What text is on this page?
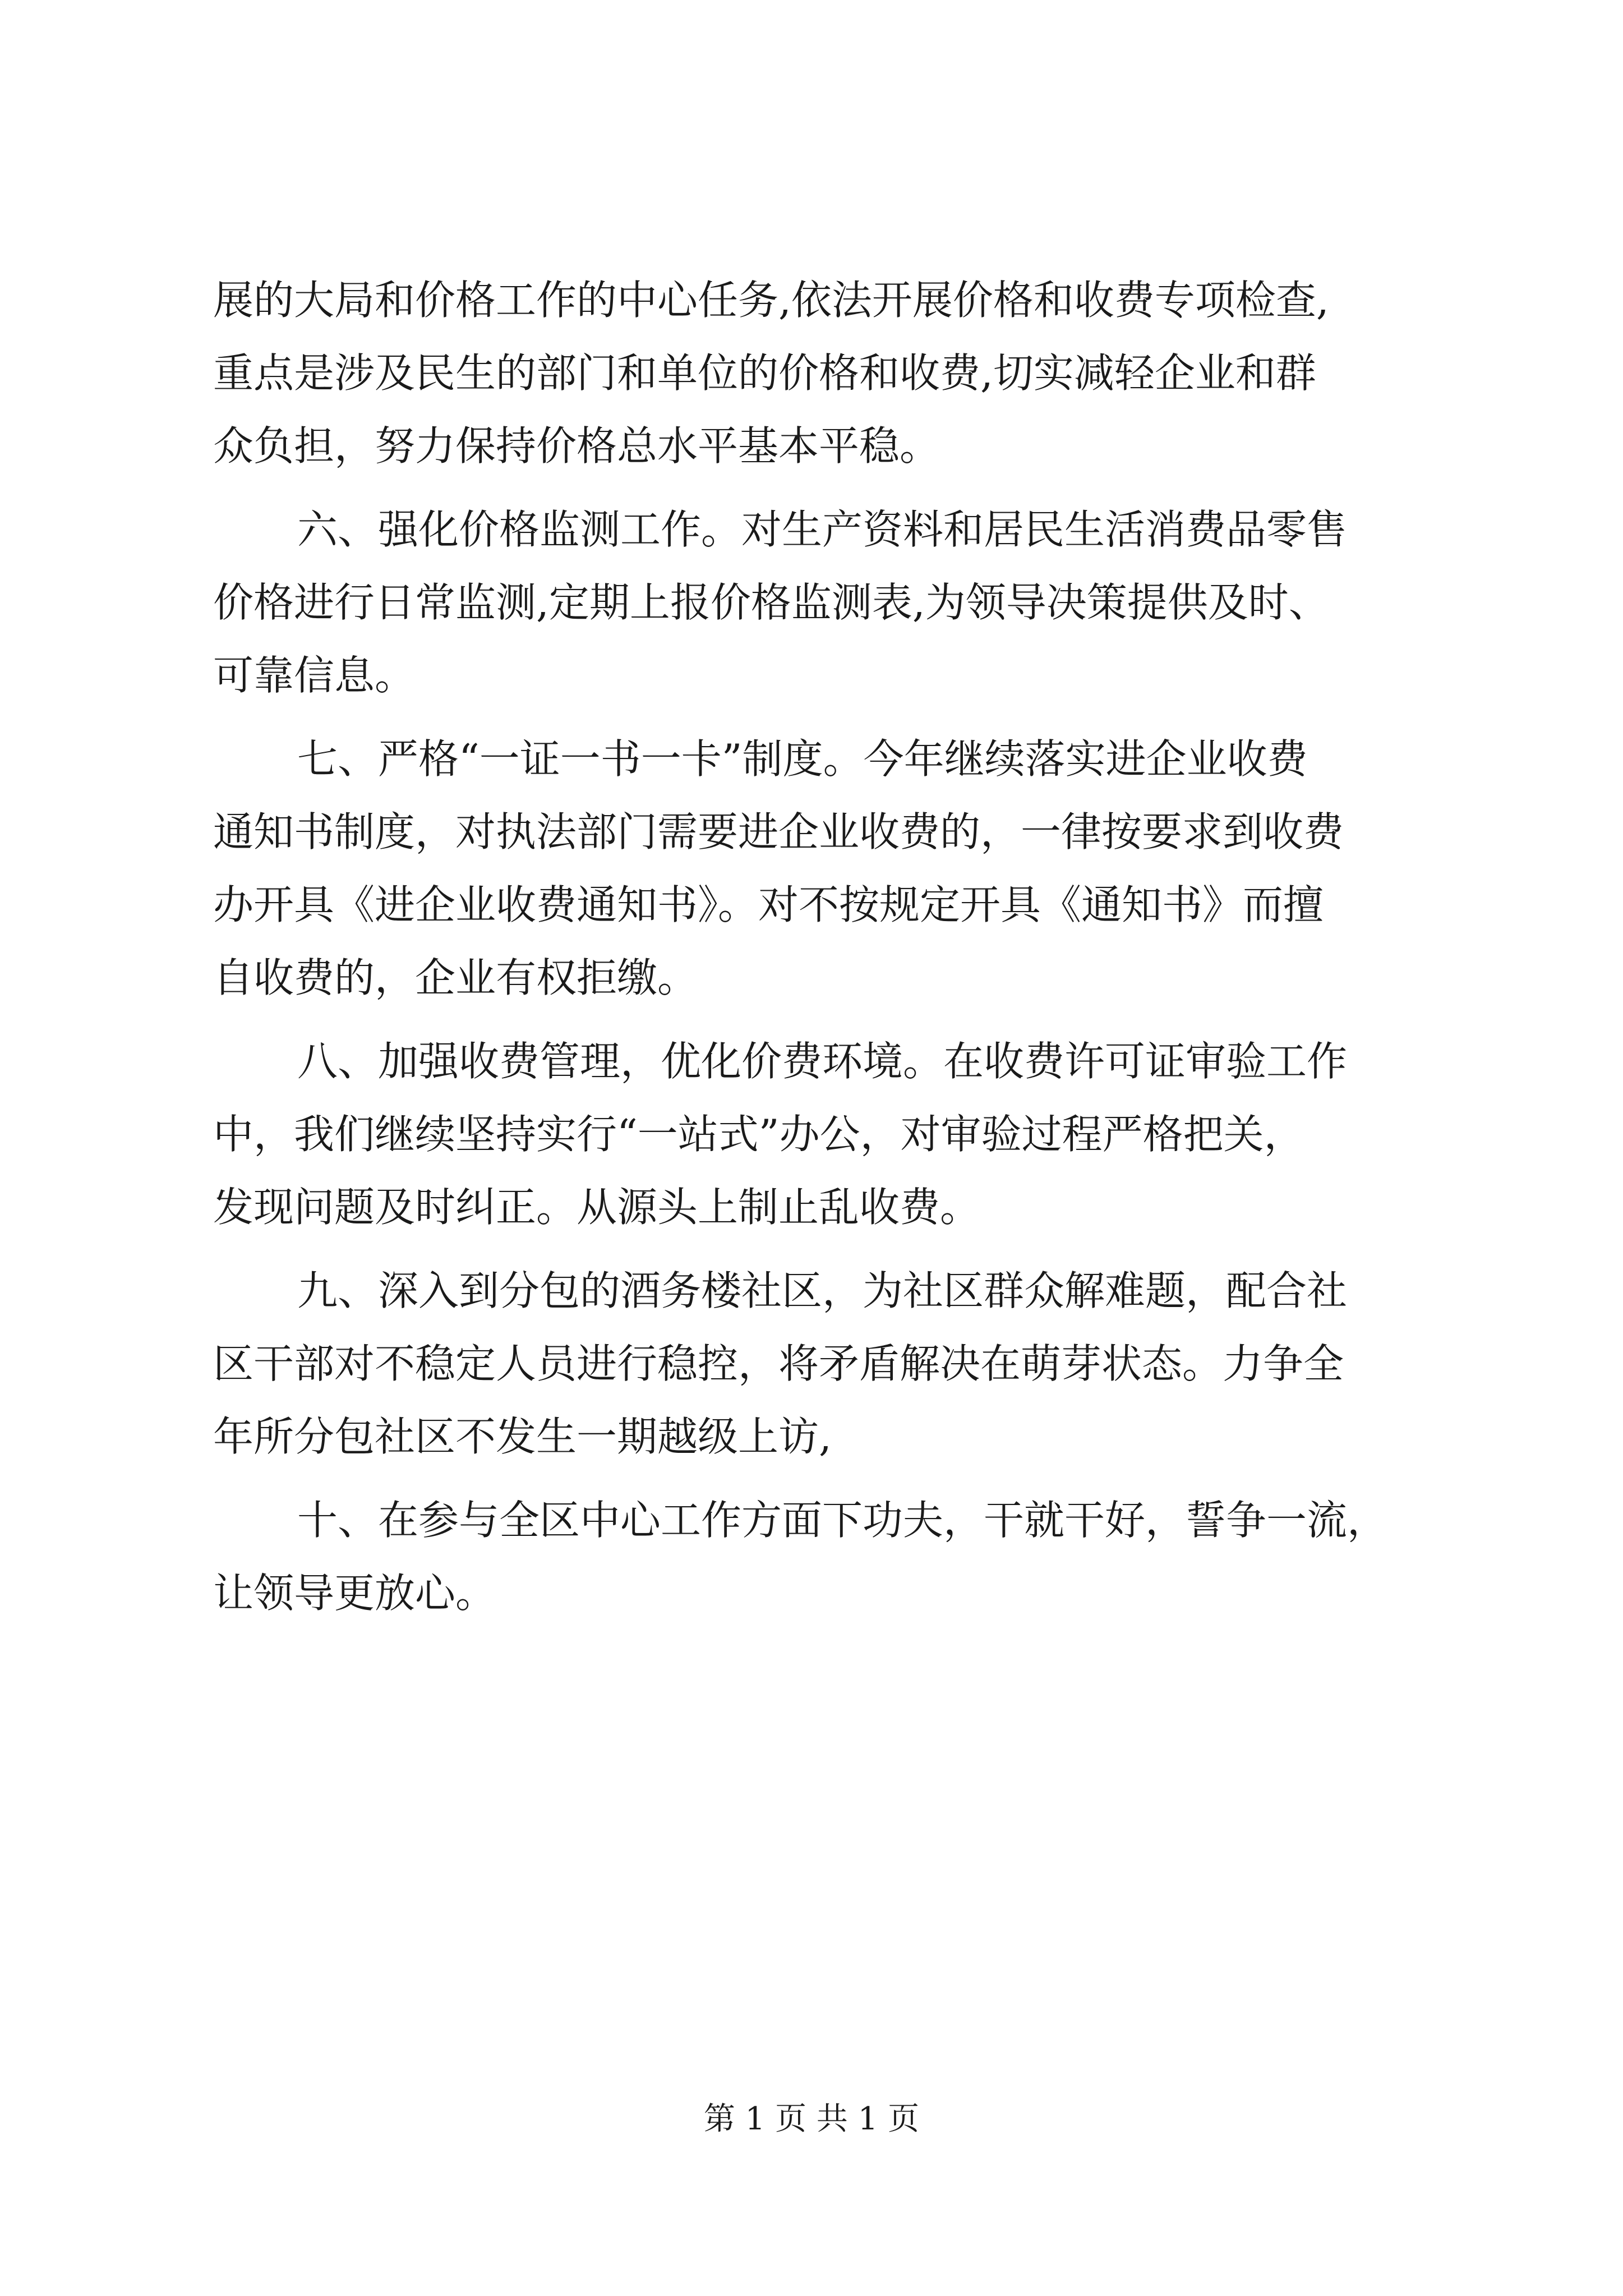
展的大局和价格工作的中心任务,依法开展价格和收费专项检查,
重点是涉及民生的部门和单位的价格和收费,切实减轻企业和群
众负担，努力保持价格总水平基本平稳。
六、强化价格监测工作。对生产资料和居民生活消费品零售
价格进行日常监测,定期上报价格监测表,为领导决策提供及时、
可靠信息。
七、严格“一证一书一卡”制度。今年继续落实进企业收费
通知书制度，对执法部门需要进企业收费的，一律按要求到收费
办开具《进企业收费通知书》。对不按规定开具《通知书》而擅
自收费的，企业有权拒缴。
八、加强收费管理，优化价费环境。在收费许可证审验工作
中，我们继续坚持实行“一站式”办公，对审验过程严格把关，
发现问题及时纠正。从源头上制止乱收费。
九、深入到分包的酒务楼社区，为社区群众解难题，配合社
区干部对不稳定人员进行稳控，将矛盾解决在萌芽状态。力争全
年所分包社区不发生一期越级上访,
十、在参与全区中心工作方面下功夫，干就干好，誓争一流，
让领导更放心。
第 1 页 共 1 页
